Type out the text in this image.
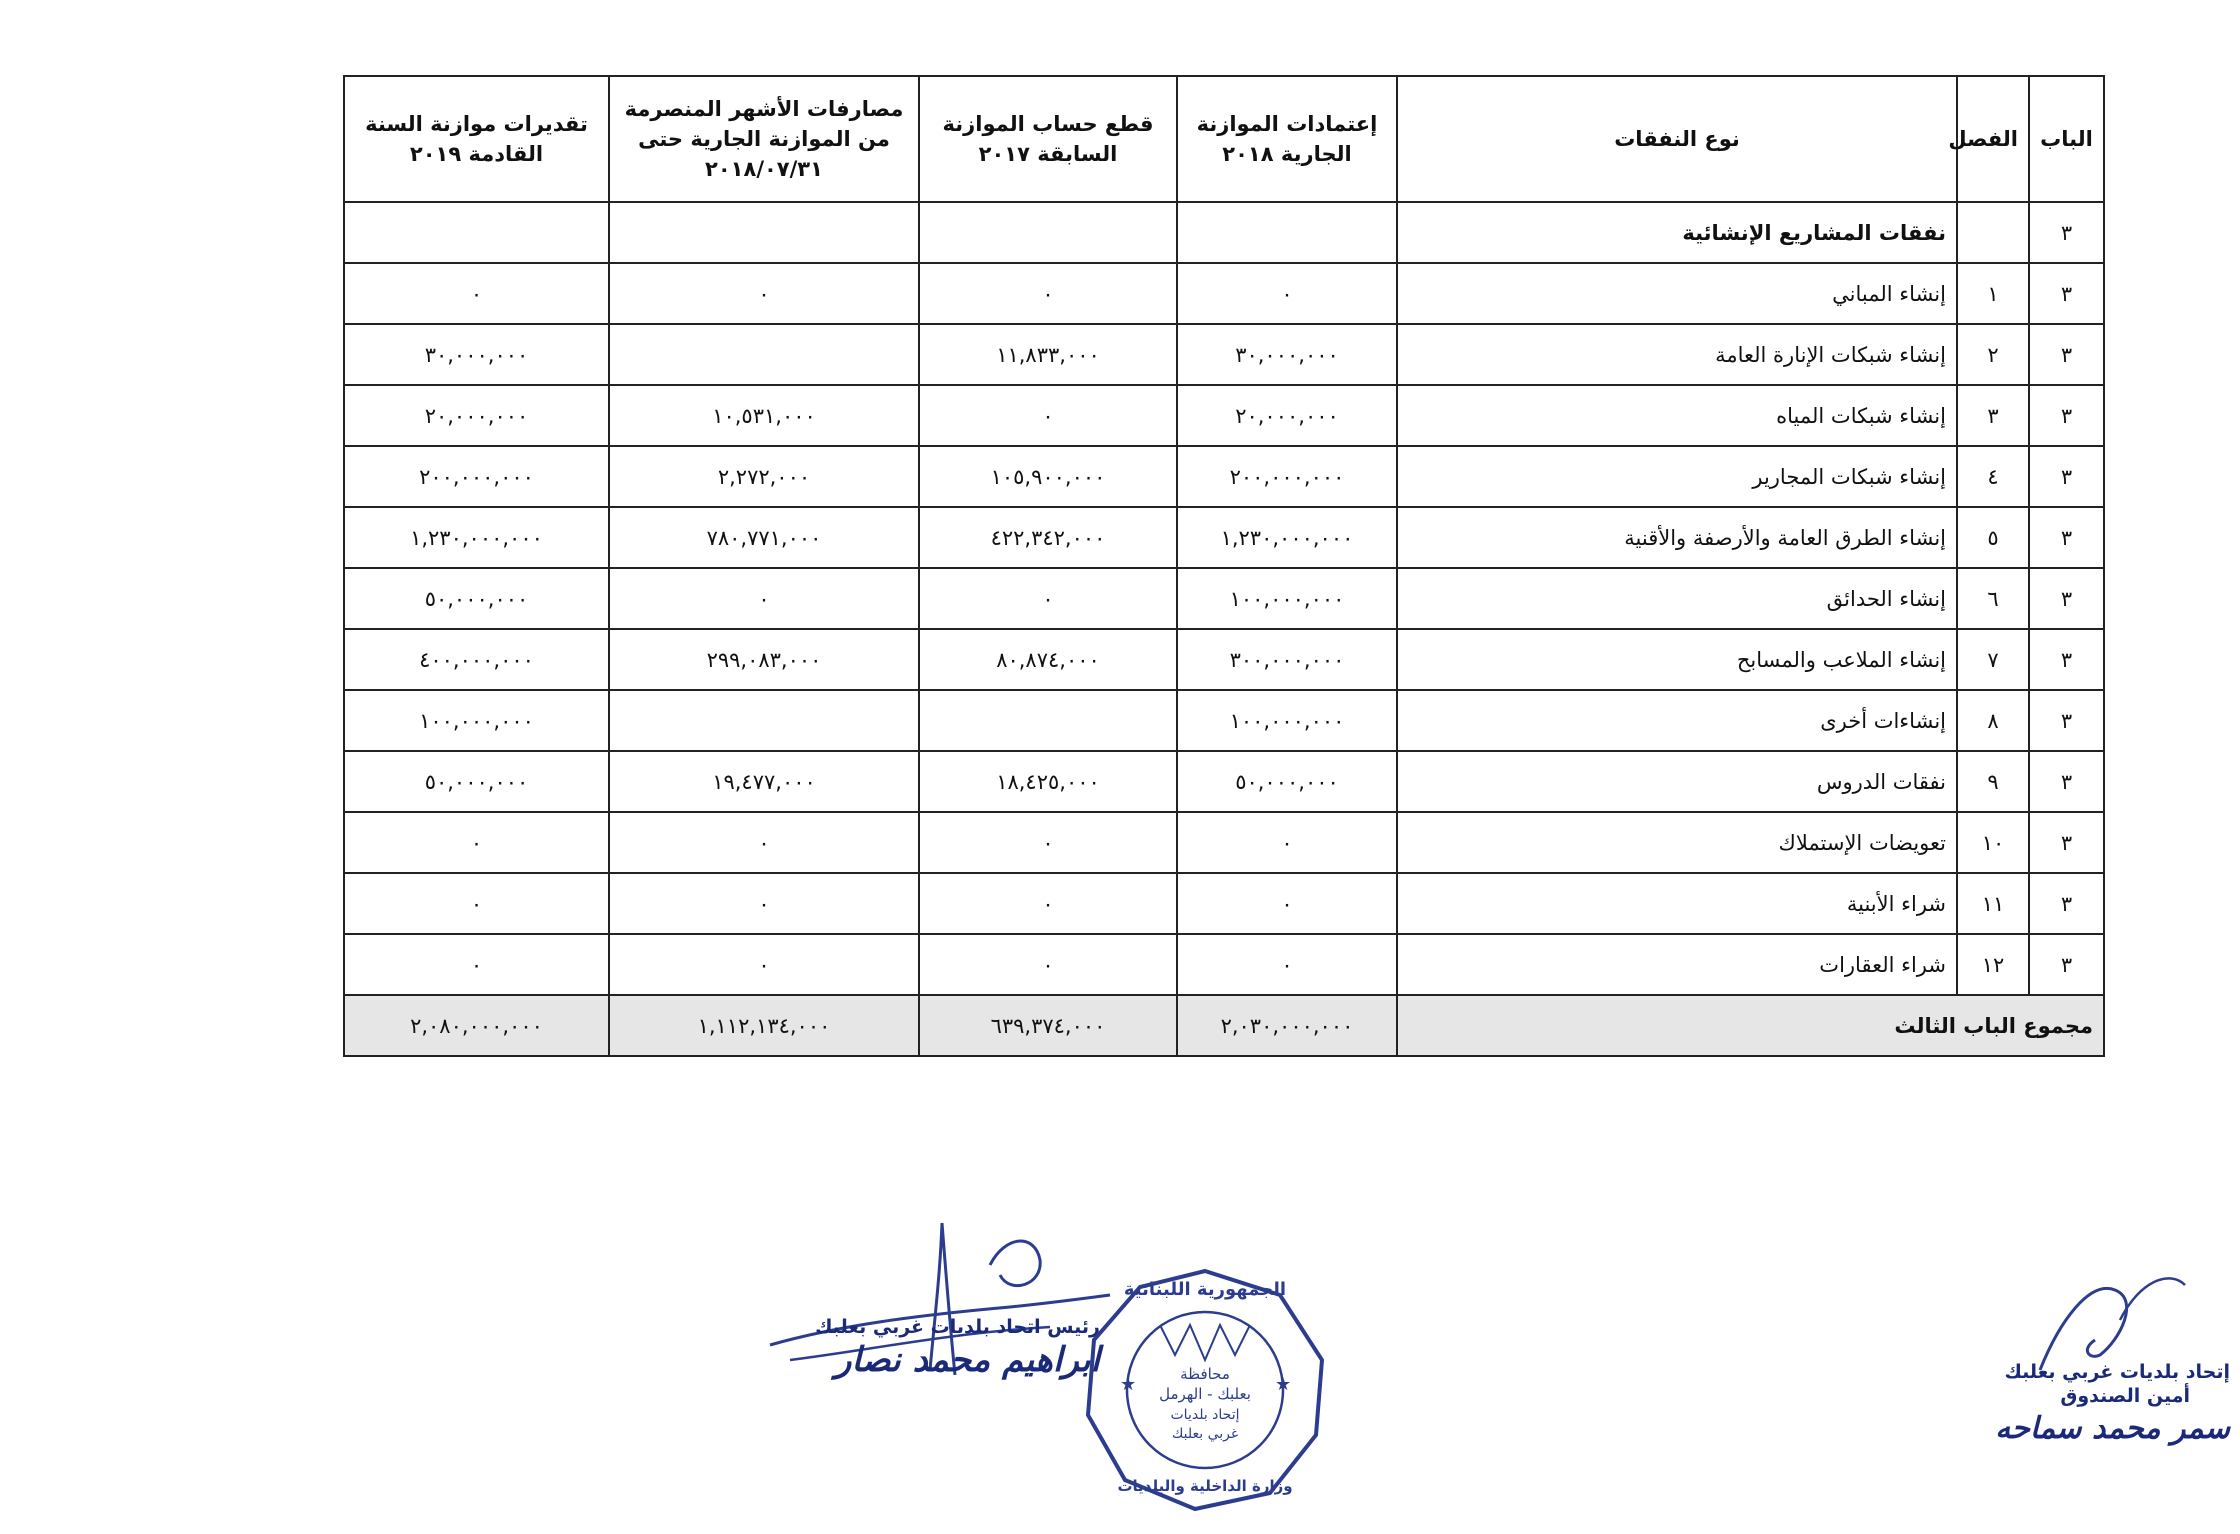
الباب	الفصل	نوع النفقات	إعتمادات الموازنة الجارية ٢٠١٨	قطع حساب الموازنة السابقة ٢٠١٧	مصارفات الأشهر المنصرمة من الموازنة الجارية حتى ٢٠١٨/٠٧/٣١	تقديرات موازنة السنة القادمة ٢٠١٩
٣		نفقات المشاريع الإنشائية				
٣	١	إنشاء المباني	٠	٠	٠	٠
٣	٢	إنشاء شبكات الإنارة العامة	٣٠,٠٠٠,٠٠٠	١١,٨٣٣,٠٠٠		٣٠,٠٠٠,٠٠٠
٣	٣	إنشاء شبكات المياه	٢٠,٠٠٠,٠٠٠	٠	١٠,٥٣١,٠٠٠	٢٠,٠٠٠,٠٠٠
٣	٤	إنشاء شبكات المجارير	٢٠٠,٠٠٠,٠٠٠	١٠٥,٩٠٠,٠٠٠	٢,٢٧٢,٠٠٠	٢٠٠,٠٠٠,٠٠٠
٣	٥	إنشاء الطرق العامة والأرصفة والأقنية	١,٢٣٠,٠٠٠,٠٠٠	٤٢٢,٣٤٢,٠٠٠	٧٨٠,٧٧١,٠٠٠	١,٢٣٠,٠٠٠,٠٠٠
٣	٦	إنشاء الحدائق	١٠٠,٠٠٠,٠٠٠	٠	٠	٥٠,٠٠٠,٠٠٠
٣	٧	إنشاء الملاعب والمسابح	٣٠٠,٠٠٠,٠٠٠	٨٠,٨٧٤,٠٠٠	٢٩٩,٠٨٣,٠٠٠	٤٠٠,٠٠٠,٠٠٠
٣	٨	إنشاءات أخرى	١٠٠,٠٠٠,٠٠٠			١٠٠,٠٠٠,٠٠٠
٣	٩	نفقات الدروس	٥٠,٠٠٠,٠٠٠	١٨,٤٢٥,٠٠٠	١٩,٤٧٧,٠٠٠	٥٠,٠٠٠,٠٠٠
٣	١٠	تعويضات الإستملاك	٠	٠	٠	٠
٣	١١	شراء الأبنية	٠	٠	٠	٠
٣	١٢	شراء العقارات	٠	٠	٠	٠
مجموع الباب الثالث			٢,٠٣٠,٠٠٠,٠٠٠	٦٣٩,٣٧٤,٠٠٠	١,١١٢,١٣٤,٠٠٠	٢,٠٨٠,٠٠٠,٠٠٠
رئيس اتحاد بلديات غربي بعلبك
ابراهيم محمد نصار
★	★
الجمهورية اللبنانية
محافظة
بعلبك - الهرمل
إتحاد بلديات
غربي بعلبك
وزارة الداخلية والبلديات
إتحاد بلديات غربي بعلبك
أمين الصندوق
سمر محمد سماحه
